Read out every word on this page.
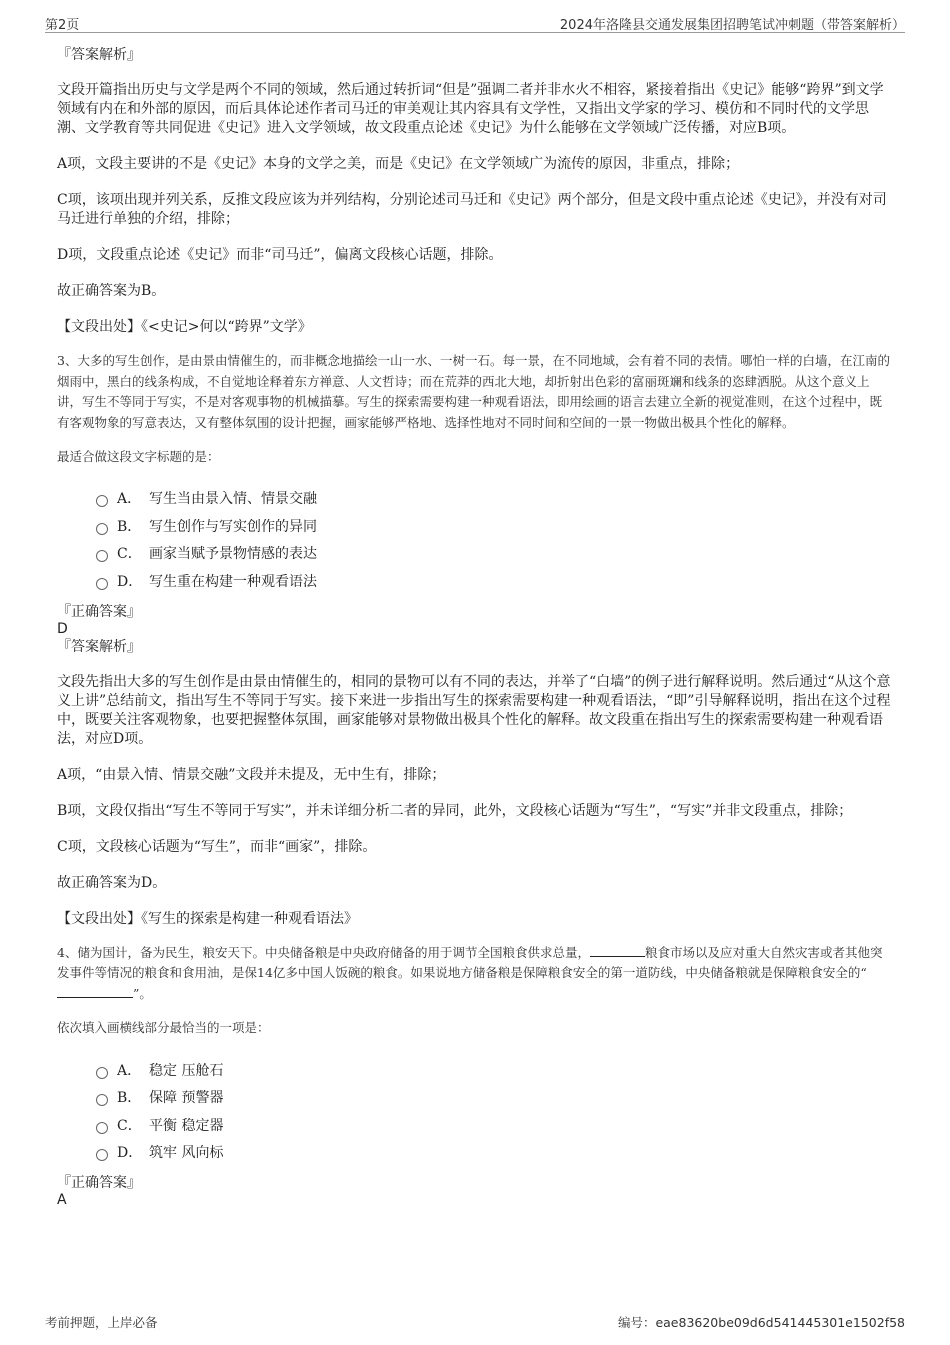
第2页	2024年洛隆县交通发展集团招聘笔试冲刺题（带答案解析）

『答案解析』

文段开篇指出历史与文学是两个不同的领域，然后通过转折词“但是”强调二者并非水火不相容，紧接着指出《史记》能够“跨界”到文学领域有内在和外部的原因，而后具体论述作者司马迁的审美观让其内容具有文学性，又指出文学家的学习、模仿和不同时代的文学思潮、文学教育等共同促进《史记》进入文学领域，故文段重点论述《史记》为什么能够在文学领域广泛传播，对应B项。

A项，文段主要讲的不是《史记》本身的文学之美，而是《史记》在文学领域广为流传的原因，非重点，排除；

C项，该项出现并列关系，反推文段应该为并列结构，分别论述司马迁和《史记》两个部分，但是文段中重点论述《史记》，并没有对司马迁进行单独的介绍，排除；

D项，文段重点论述《史记》而非“司马迁”，偏离文段核心话题，排除。

故正确答案为B。

【文段出处】《<史记>何以“跨界”文学》

3、大多的写生创作，是由景由情催生的，而非概念地描绘一山一水、一树一石。每一景，在不同地域，会有着不同的表情。哪怕一样的白墙，在江南的烟雨中，黑白的线条构成，不自觉地诠释着东方禅意、人文哲诗；而在荒莽的西北大地，却折射出色彩的富丽斑斓和线条的恣肆洒脱。从这个意义上讲，写生不等同于写实，不是对客观事物的机械描摹。写生的探索需要构建一种观看语法，即用绘画的语言去建立全新的视觉准则，在这个过程中，既有客观物象的写意表达，又有整体氛围的设计把握，画家能够严格地、选择性地对不同时间和空间的一景一物做出极具个性化的解释。

最适合做这段文字标题的是：

A． 写生当由景入情、情景交融
B． 写生创作与写实创作的异同
C． 画家当赋予景物情感的表达
D． 写生重在构建一种观看语法

『正确答案』

D

『答案解析』

文段先指出大多的写生创作是由景由情催生的，相同的景物可以有不同的表达，并举了“白墙”的例子进行解释说明。然后通过“从这个意义上讲”总结前文，指出写生不等同于写实。接下来进一步指出写生的探索需要构建一种观看语法，“即”引导解释说明，指出在这个过程中，既要关注客观物象，也要把握整体氛围，画家能够对景物做出极具个性化的解释。故文段重在指出写生的探索需要构建一种观看语法，对应D项。

A项，“由景入情、情景交融”文段并未提及，无中生有，排除；

B项，文段仅指出“写生不等同于写实”，并未详细分析二者的异同，此外，文段核心话题为“写生”，“写实”并非文段重点，排除；

C项，文段核心话题为“写生”，而非“画家”，排除。

故正确答案为D。

【文段出处】《写生的探索是构建一种观看语法》

4、储为国计，备为民生，粮安天下。中央储备粮是中央政府储备的用于调节全国粮食供求总量，	粮食市场以及应对重大自然灾害或者其他突发事件等情况的粮食和食用油，是保14亿多中国人饭碗的粮食。如果说地方储备粮是保障粮食安全的第一道防线，中央储备粮就是保障粮食安全的“”。

依次填入画横线部分最恰当的一项是：

A． 稳定 压舱石
B． 保障 预警器
C． 平衡 稳定器
D． 筑牢 风向标

『正确答案』

A

考前押题，上岸必备	编号：eae83620be09d6d541445301e1502f58
